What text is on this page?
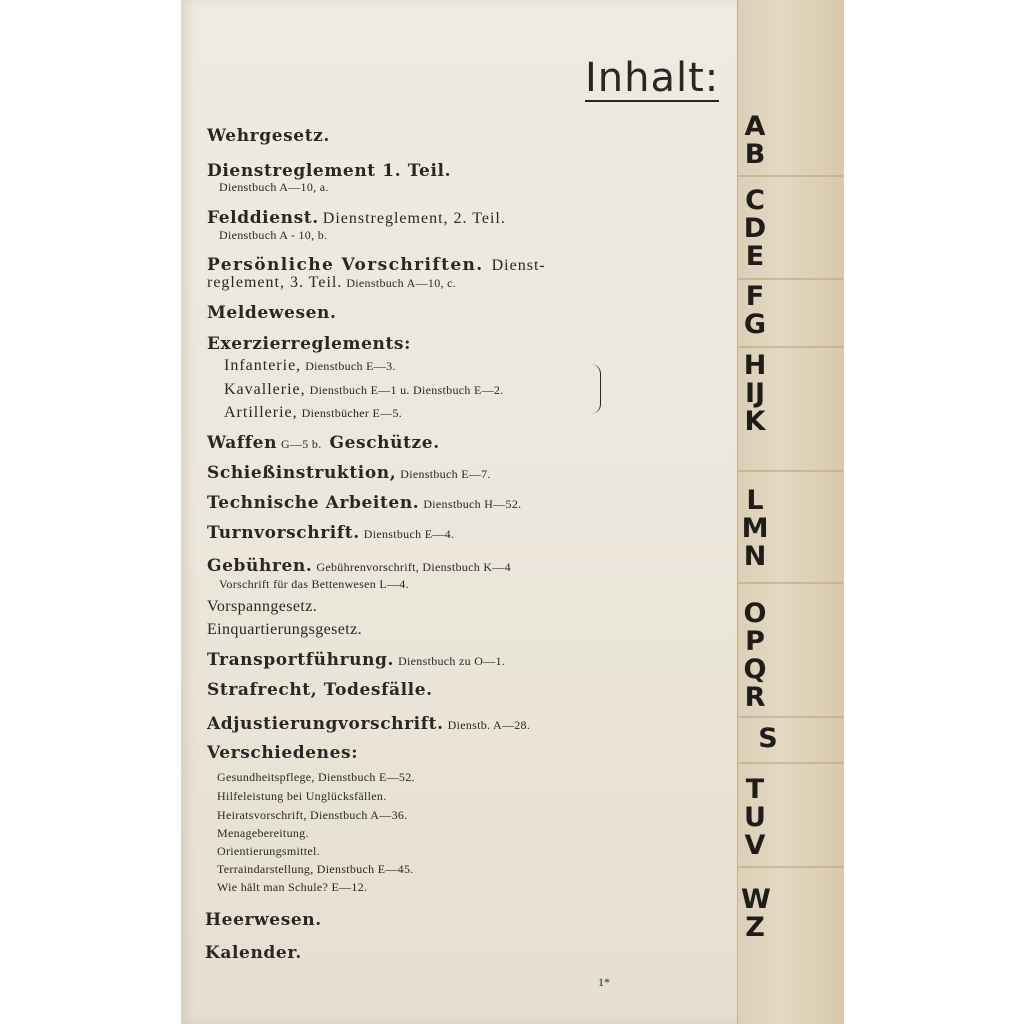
AB
CDE
FG
HIJK
LMN
OPQR
S
TUV
WZ
Inhalt:
Wehrgesetz.
Dienstreglement 1. Teil.
Dienstbuch A—10, a.
Felddienst. Dienstreglement, 2. Teil.
Dienstbuch A - 10, b.
Persönliche Vorschriften. Dienst-
reglement, 3. Teil. Dienstbuch A—10, c.
Meldewesen.
Exerzierreglements:
Infanterie, Dienstbuch E—3.
Kavallerie, Dienstbuch E—1 u. Dienstbuch E—2.
Artillerie, Dienstbücher E—5.
Waffen G—5 b. Geschütze.
Schießinstruktion, Dienstbuch E—7.
Technische Arbeiten. Dienstbuch H—52.
Turnvorschrift. Dienstbuch E—4.
Gebühren. Gebührenvorschrift, Dienstbuch K—4
Vorschrift für das Bettenwesen L—4.
Vorspanngesetz.
Einquartierungsgesetz.
Transportführung. Dienstbuch zu O—1.
Strafrecht, Todesfälle.
Adjustierungvorschrift. Dienstb. A—28.
Verschiedenes:
Gesundheitspflege, Dienstbuch E—52.
Hilfeleistung bei Unglücksfällen.
Heiratsvorschrift, Dienstbuch A—36.
Menagebereitung.
Orientierungsmittel.
Terraindarstellung, Dienstbuch E—45.
Wie hält man Schule? E—12.
Heerwesen.
Kalender.
1*
